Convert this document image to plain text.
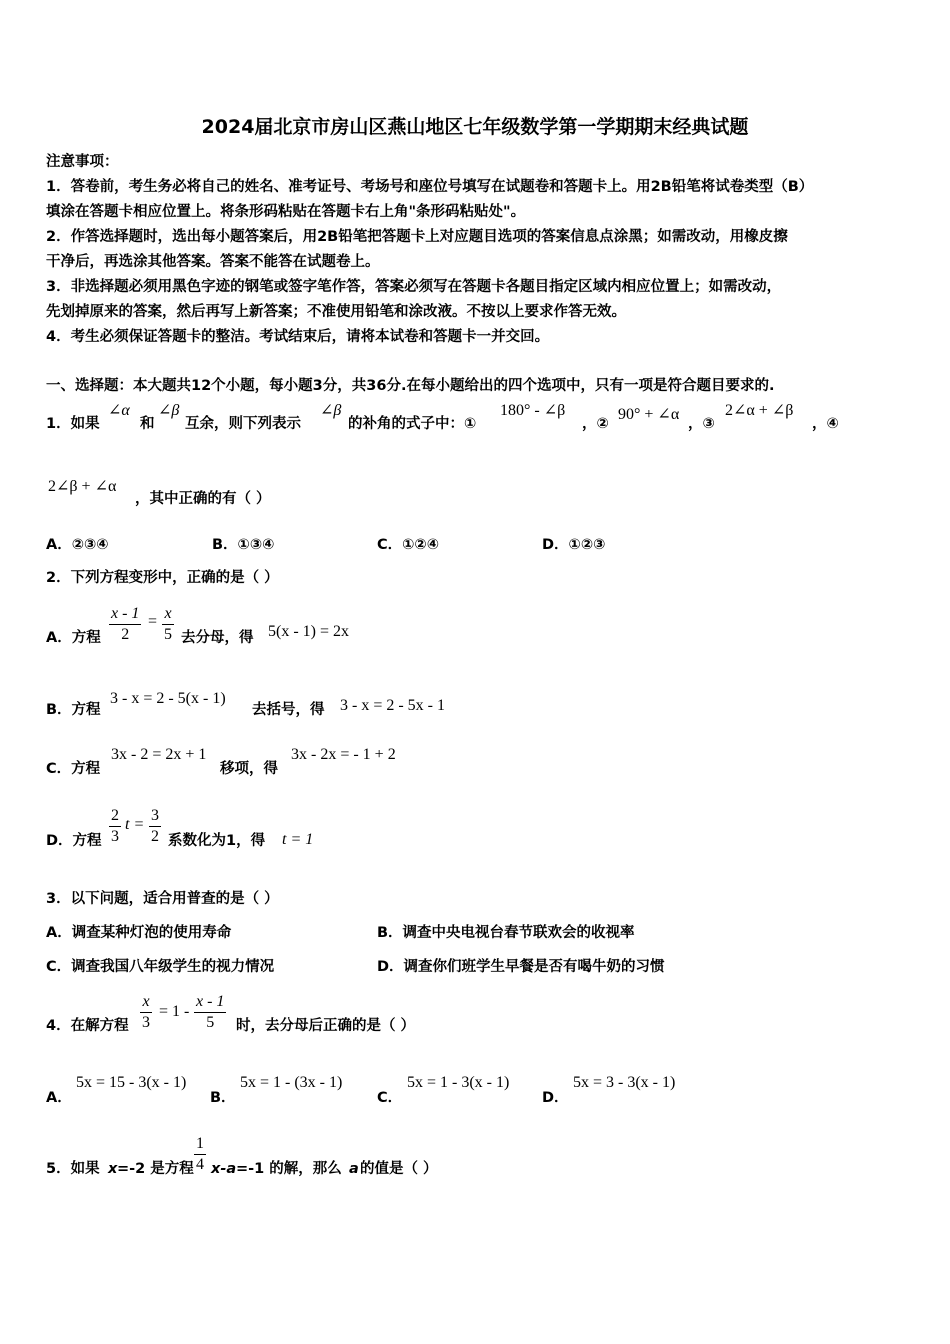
2024届北京市房山区燕山地区七年级数学第一学期期末经典试题
注意事项：
1．答卷前，考生务必将自己的姓名、准考证号、考场号和座位号填写在试题卷和答题卡上。用2B铅笔将试卷类型（B）
填涂在答题卡相应位置上。将条形码粘贴在答题卡右上角"条形码粘贴处"。
2．作答选择题时，选出每小题答案后，用2B铅笔把答题卡上对应题目选项的答案信息点涂黑；如需改动，用橡皮擦
干净后，再选涂其他答案。答案不能答在试题卷上。
3．非选择题必须用黑色字迹的钢笔或签字笔作答，答案必须写在答题卡各题目指定区域内相应位置上；如需改动，
先划掉原来的答案，然后再写上新答案；不准使用铅笔和涂改液。不按以上要求作答无效。
4．考生必须保证答题卡的整洁。考试结束后，请将本试卷和答题卡一并交回。
一、选择题：本大题共12个小题，每小题3分，共36分.在每小题给出的四个选项中，只有一项是符合题目要求的.
1．如果
∠α
和
∠β
互余，则下列表示
∠β
的补角的式子中：①
180° - ∠β
，②
90° + ∠α
，③
2∠α + ∠β
，④
2∠β + ∠α
，其中正确的有（ ）
A．②③④	B．①③④	C．①②④	D．①②③
2．下列方程变形中，正确的是（ ）
A．方程 $\frac{x - 1}{2} = \frac{x}{5}$ 去分母，得 5(x - 1) = 2x
B．方程
3 - x = 2 - 5(x - 1)
去括号，得 3 - x = 2 - 5x - 1
C．方程
3x - 2 = 2x + 1
移项，得
3x - 2x = - 1 + 2
D．方程 $\frac{2}{3}$ $t = \frac{3}{2}$ 系数化为1，得 t = 1
3．以下问题，适合用普查的是（ ）
A．调查某种灯泡的使用寿命	B．调查中央电视台春节联欢会的收视率
C．调查我国八年级学生的视力情况	D．调查你们班学生早餐是否有喝牛奶的习惯
4．在解方程 $\frac{x}{3} = 1 - \frac{x - 1}{5}$ 时，去分母后正确的是（ ）
A．
5x = 15 - 3(x - 1)
B．
5x = 1 - (3x - 1)
C．
5x = 1 - 3(x - 1)
D．
5x = 3 - 3(x - 1)
5．如果 x =-2 是方程 $\frac{1}{4} x-a =-1$ 的解，那么 a 的值是（ ）
